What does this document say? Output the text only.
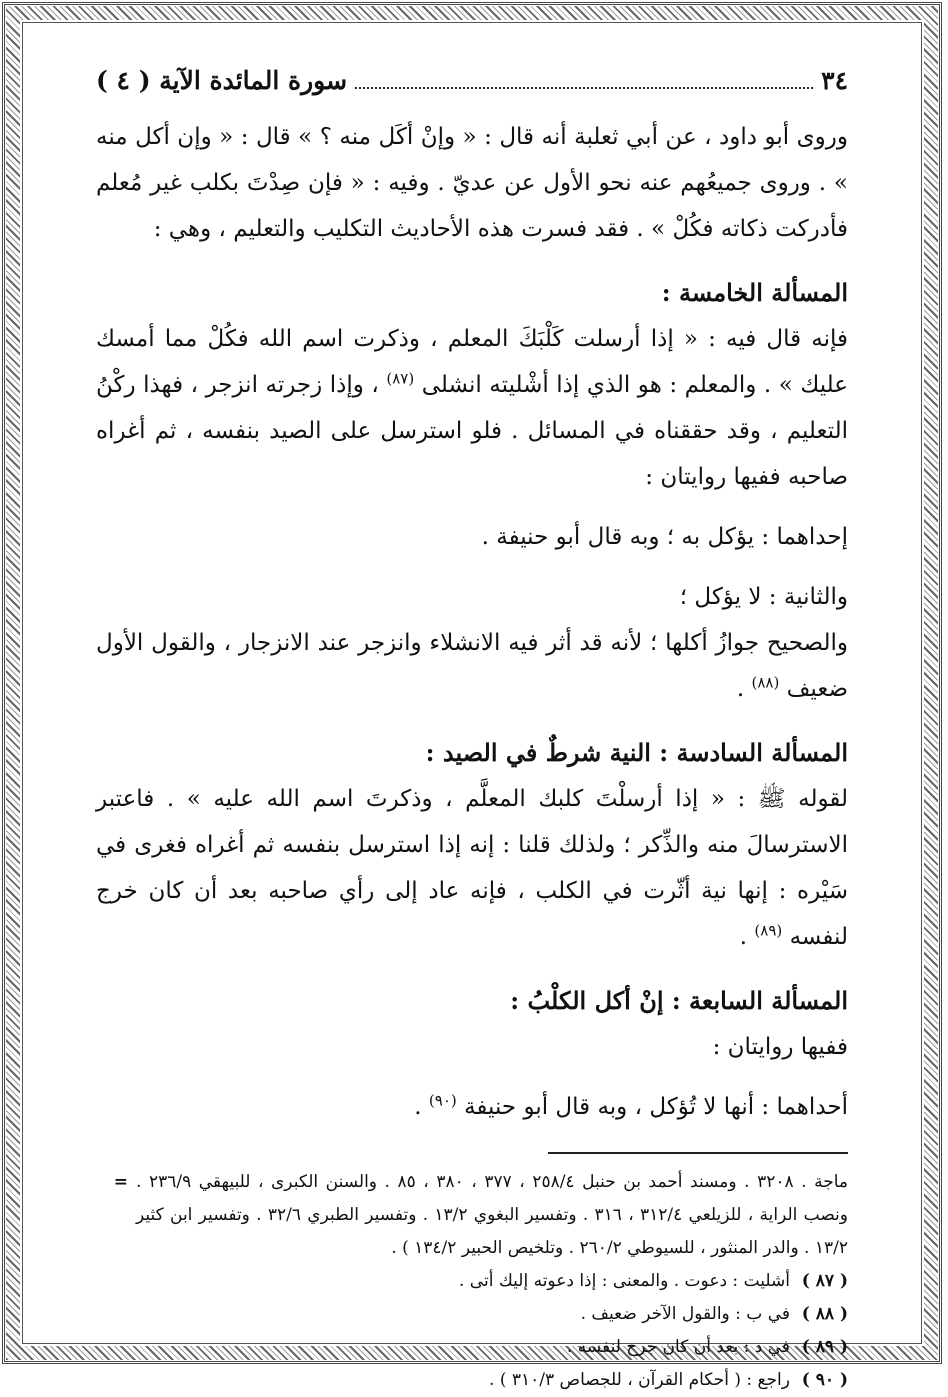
٣٤
سورة المائدة الآية ( ٤ )

وروى أبو داود ، عن أبي ثعلبة أنه قال : « وإنْ أكَل منه ؟ » قال : « وإن أكل منه » . وروى جميعُهم عنه نحو الأول عن عديّ . وفيه : « فإن صِدْتَ بكلب غير مُعلم فأدركت ذكاته فكُلْ » . فقد فسرت هذه الأحاديث التكليب والتعليم ، وهي :

المسألة الخامسة :

فإنه قال فيه : « إذا أرسلت كَلْبَكَ المعلم ، وذكرت اسم الله فكُلْ مما أمسك عليك » . والمعلم : هو الذي إذا أشْليته انشلى $^{(٨٧)}$ ، وإذا زجرته انزجر ، فهذا ركْنُ التعليم ، وقد حققناه في المسائل . فلو استرسل على الصيد بنفسه ، ثم أغراه صاحبه ففيها روايتان :

إحداهما : يؤكل به ؛ وبه قال أبو حنيفة .

والثانية : لا يؤكل ؛

والصحيح جوازُ أكلها ؛ لأنه قد أثر فيه الانشلاء وانزجر عند الانزجار ، والقول الأول ضعيف $^{(٨٨)}$ .

المسألة السادسة : النية شرطٌ في الصيد :

لقوله ﷺ : « إذا أرسلْتَ كلبك المعلَّم ، وذكرتَ اسم الله عليه » . فاعتبر الاسترسالَ منه والذِّكر ؛ ولذلك قلنا : إنه إذا استرسل بنفسه ثم أغراه فغرى في سَيْره : إنها نية أثّرت في الكلب ، فإنه عاد إلى رأي صاحبه بعد أن كان خرج لنفسه $^{(٨٩)}$ .

المسألة السابعة : إنْ أكل الكلْبُ :

ففيها روايتان :

أحداهما : أنها لا تُؤكل ، وبه قال أبو حنيفة $^{(٩٠)}$ .

ماجة . ٣٢٠٨ . ومسند أحمد بن حنبل ٢٥٨/٤ ، ٣٧٧ ، ٣٨٠ ، ٨٥ . والسنن الكبرى ، للبيهقي ٢٣٦/٩ . ونصب الراية ، للزيلعي ٣١٢/٤ ، ٣١٦ . وتفسير البغوي ١٣/٢ . وتفسير الطبري ٣٢/٦ . وتفسير ابن كثير ١٣/٢ . والدر المنثور ، للسيوطي ٢٦٠/٢ . وتلخيص الحبير ١٣٤/٢ ) .
=
( ٨٧ )
أشليت : دعوت . والمعنى : إذا دعوته إليك أتى .
( ٨٨ )
في ب : والقول الآخر ضعيف .
( ٨٩ )
في د : بعد أن كان جرح لنفسه .
( ٩٠ )
راجع : ( أحكام القرآن ، للجصاص ٣١٠/٣ ) .
